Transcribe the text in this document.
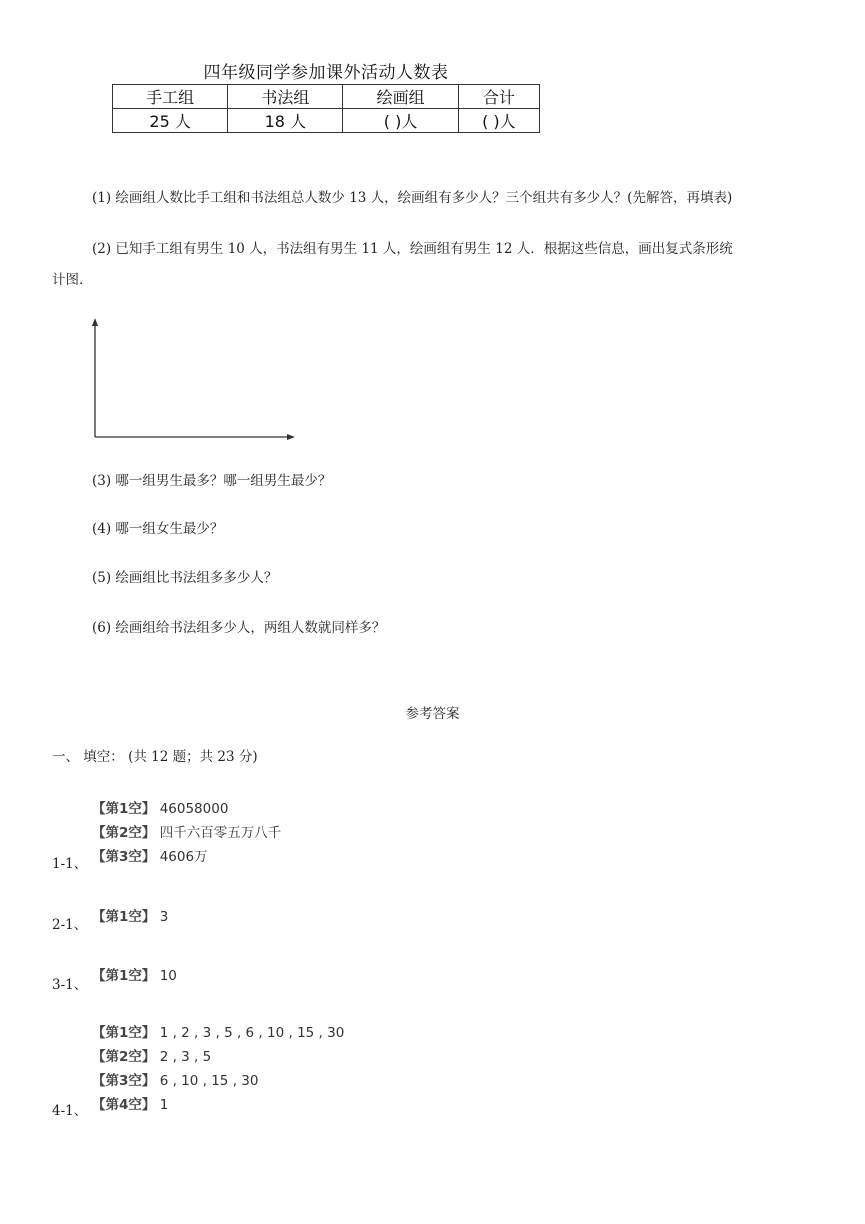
四年级同学参加课外活动人数表
手工组	书法组	绘画组	合计
25 人	18 人	( )人	( )人
(1) 绘画组人数比手工组和书法组总人数少 13 人，绘画组有多少人？三个组共有多少人？(先解答，再填表)
(2) 已知手工组有男生 10 人，书法组有男生 11 人，绘画组有男生 12 人．根据这些信息，画出复式条形统
计图．
(3) 哪一组男生最多？哪一组男生最少？
(4) 哪一组女生最少？
(5) 绘画组比书法组多多少人？
(6) 绘画组给书法组多少人，两组人数就同样多？
参考答案
一、 填空： (共 12 题；共 23 分)
【第1空】 46058000
【第2空】 四千六百零五万八千
【第3空】 4606万
1-1、
【第1空】 3
2-1、
【第1空】 10
3-1、
【第1空】 1 , 2 , 3 , 5 , 6 , 10 , 15 , 30
【第2空】 2 , 3 , 5
【第3空】 6 , 10 , 15 , 30
【第4空】 1
4-1、
